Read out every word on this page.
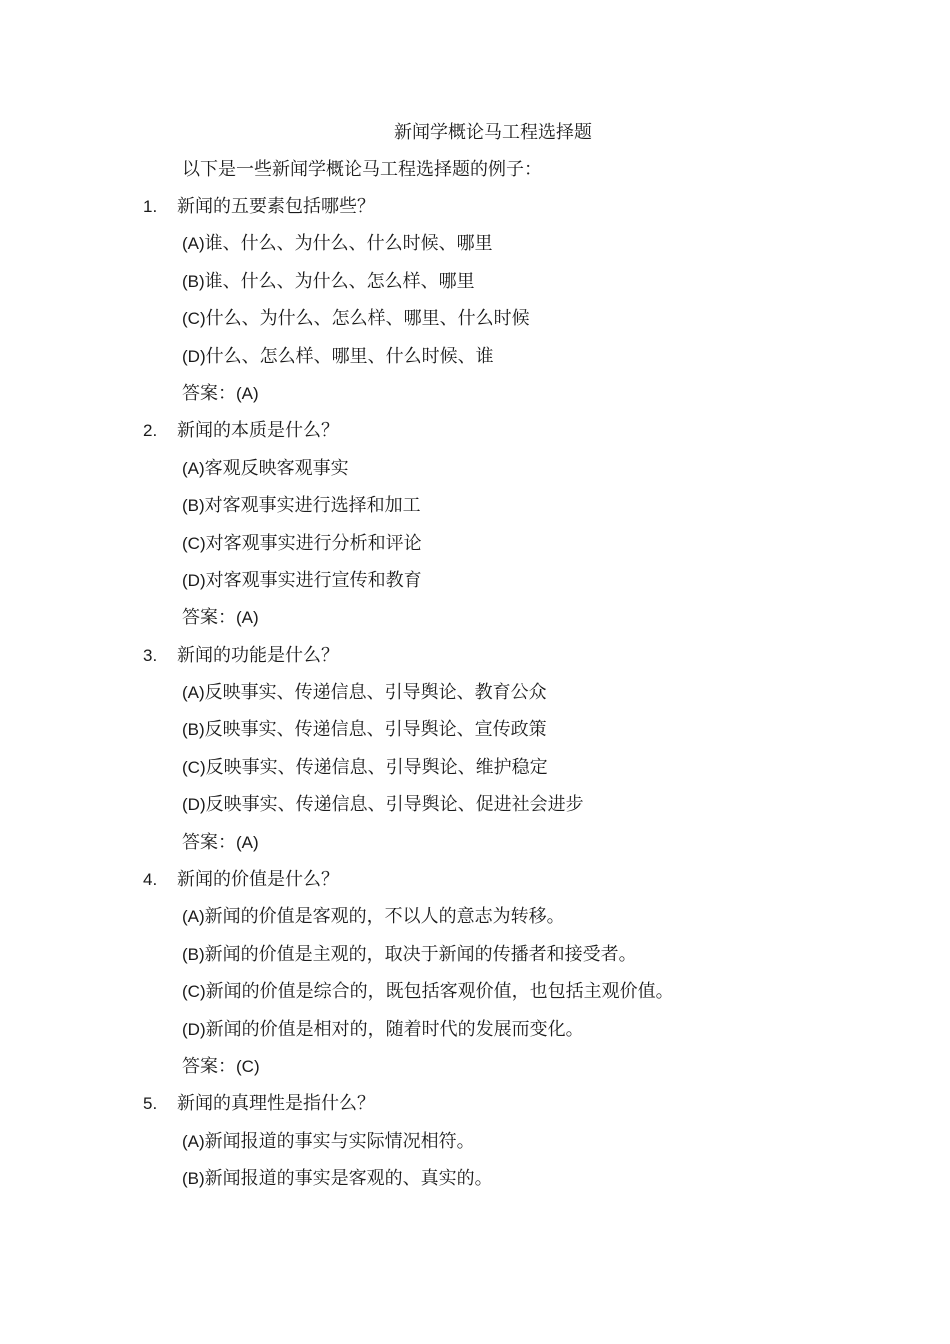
新闻学概论马工程选择题
以下是一些新闻学概论马工程选择题的例子：
1. 新闻的五要素包括哪些？
(A)谁、什么、为什么、什么时候、哪里
(B)谁、什么、为什么、怎么样、哪里
(C)什么、为什么、怎么样、哪里、什么时候
(D)什么、怎么样、哪里、什么时候、谁
答案：(A)
2. 新闻的本质是什么？
(A)客观反映客观事实
(B)对客观事实进行选择和加工
(C)对客观事实进行分析和评论
(D)对客观事实进行宣传和教育
答案：(A)
3. 新闻的功能是什么？
(A)反映事实、传递信息、引导舆论、教育公众
(B)反映事实、传递信息、引导舆论、宣传政策
(C)反映事实、传递信息、引导舆论、维护稳定
(D)反映事实、传递信息、引导舆论、促进社会进步
答案：(A)
4. 新闻的价值是什么？
(A)新闻的价值是客观的，不以人的意志为转移。
(B)新闻的价值是主观的，取决于新闻的传播者和接受者。
(C)新闻的价值是综合的，既包括客观价值，也包括主观价值。
(D)新闻的价值是相对的，随着时代的发展而变化。
答案：(C)
5. 新闻的真理性是指什么？
(A)新闻报道的事实与实际情况相符。
(B)新闻报道的事实是客观的、真实的。
